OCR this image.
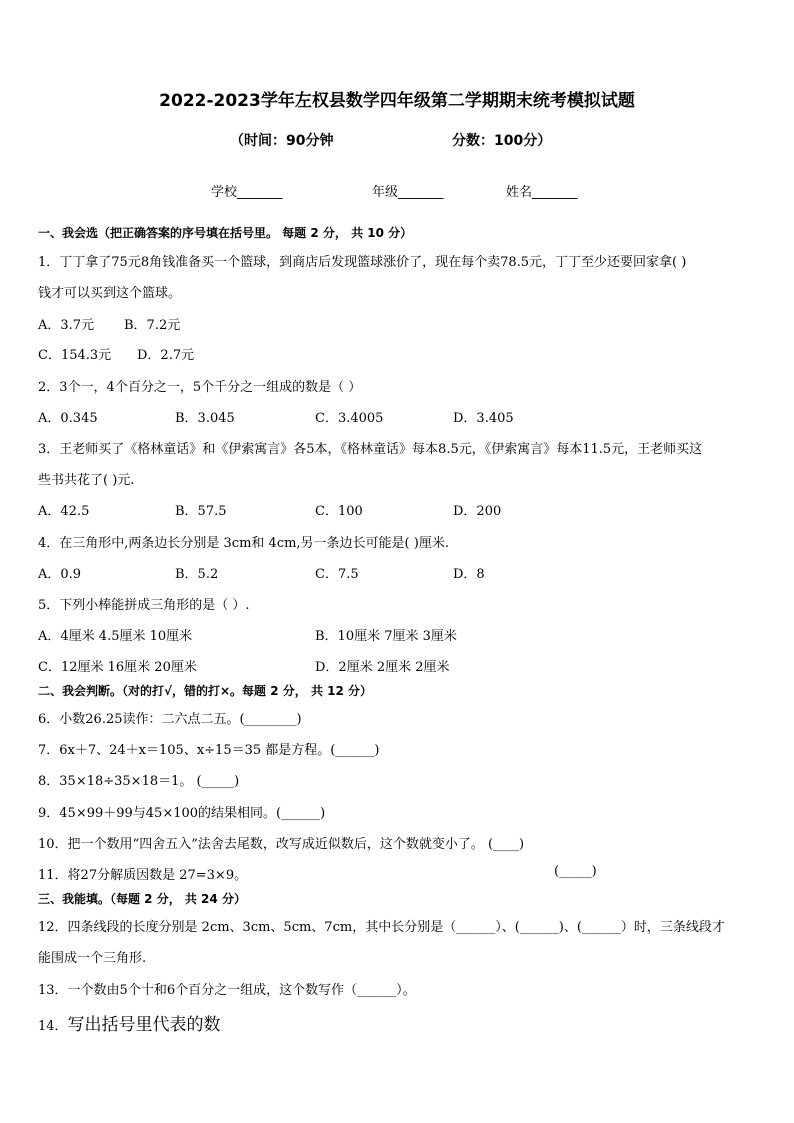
2022-2023学年左权县数学四年级第二学期期末统考模拟试题
（时间：90分钟	分数：100分）
学校_______	年级_______	姓名_______
一、我会选（把正确答案的序号填在括号里。 每题 2 分， 共 10 分）
1．丁丁拿了75元8角钱准备买一个篮球，到商店后发现篮球涨价了，现在每个卖78.5元，丁丁至少还要回家拿( )
钱才可以买到这个篮球。
A．3.7元 B．7.2元
C．154.3元 D．2.7元
2．3个一，4个百分之一，5个千分之一组成的数是（ ）
A．0.345	B．3.045	C．3.4005	D．3.405
3．王老师买了《格林童话》和《伊索寓言》各5本，《格林童话》每本8.5元，《伊索寓言》每本11.5元，王老师买这
些书共花了( )元.
A．42.5	B．57.5	C．100	D．200
4．在三角形中,两条边长分别是 3cm和 4cm,另一条边长可能是( )厘米.
A．0.9	B．5.2	C．7.5	D．8
5．下列小棒能拼成三角形的是（ ）.
A．4厘米 4.5厘米 10厘米	B．10厘米 7厘米 3厘米
C．12厘米 16厘米 20厘米	D．2厘米 2厘米 2厘米
二、我会判断。（对的打√，错的打×。每题 2 分， 共 12 分）
6．小数26.25读作：二六点二五。(________)
7．6x＋7、24＋x＝105、x÷15＝35 都是方程。(______)
8．35×18÷35×18＝1。 (_____)
9．45×99＋99与45×100的结果相同。(______)
10．把一个数用“四舍五入”法舍去尾数，改写成近似数后，这个数就变小了。 (____)
11．将27分解质因数是 27=3×9。	(_____)
三、我能填。（每题 2 分， 共 24 分）
12．四条线段的长度分别是 2cm、3cm、5cm、7cm，其中长分别是（______）、(______)、(______）时，三条线段才
能围成一个三角形.
13．一个数由5个十和6个百分之一组成，这个数写作（______）。
14．写出括号里代表的数
